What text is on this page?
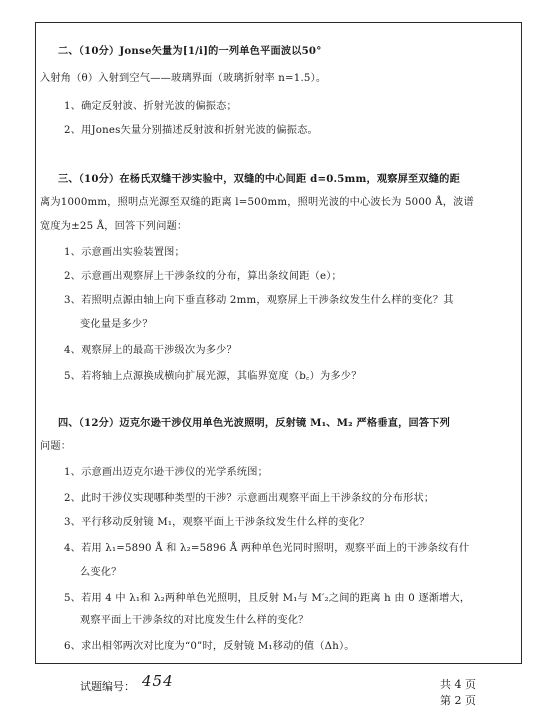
二、（10分）Jonse矢量为[1/i]的一列单色平面波以50°
入射角（θ）入射到空气——玻璃界面（玻璃折射率 n=1.5）。
1、确定反射波、折射光波的偏振态；
2、用Jones矢量分别描述反射波和折射光波的偏振态。
三、（10分）在杨氏双缝干涉实验中，双缝的中心间距 d=0.5mm，观察屏至双缝的距
离为1000mm，照明点光源至双缝的距离 l=500mm，照明光波的中心波长为 5000 Å，波谱
宽度为±25 Å，回答下列问题：
1、示意画出实验装置图；
2、示意画出观察屏上干涉条纹的分布，算出条纹间距（e）；
3、若照明点源由轴上向下垂直移动 2mm，观察屏上干涉条纹发生什么样的变化？其
变化量是多少？
4、观察屏上的最高干涉级次为多少？
5、若将轴上点源换成横向扩展光源，其临界宽度（b꜀）为多少？
四、（12分）迈克尔逊干涉仪用单色光波照明，反射镜 M₁、M₂ 严格垂直，回答下列
问题：
1、示意画出迈克尔逊干涉仪的光学系统图；
2、此时干涉仪实现哪种类型的干涉？示意画出观察平面上干涉条纹的分布形状；
3、平行移动反射镜 M₁，观察平面上干涉条纹发生什么样的变化？
4、若用 λ₁=5890 Å 和 λ₂=5896 Å 两种单色光同时照明，观察平面上的干涉条纹有什
么变化？
5、若用 4 中 λ₁和 λ₂两种单色光照明，且反射 M₁与 M′₂之间的距离 h 由 0 逐渐增大，
观察平面上干涉条纹的对比度发生什么样的变化？
6、求出相邻两次对比度为“0”时，反射镜 M₁移动的值（Δh）。
试题编号： 454	共 4 页
第 2 页
